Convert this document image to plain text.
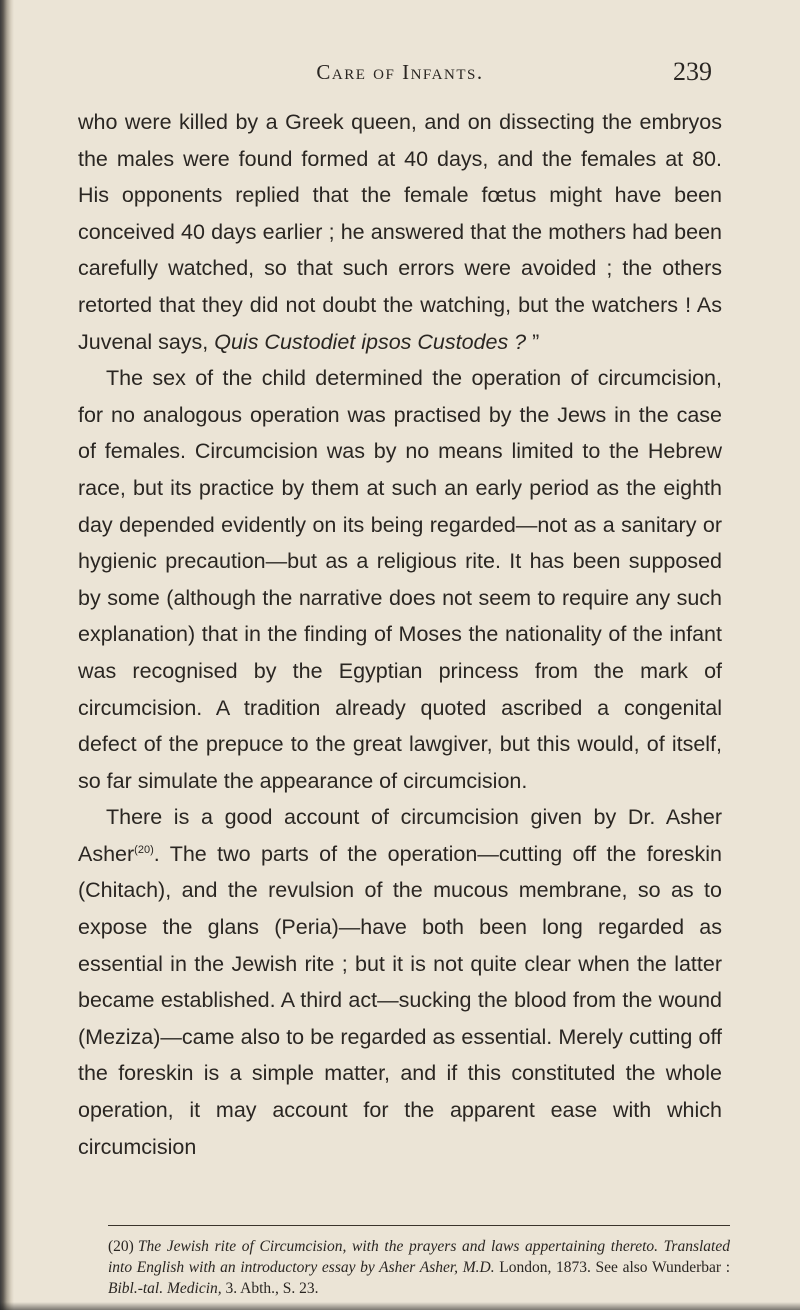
Care of Infants.	239

who were killed by a Greek queen, and on dissecting the embryos the males were found formed at 40 days, and the females at 80. His opponents replied that the female fœtus might have been conceived 40 days earlier ; he answered that the mothers had been carefully watched, so that such errors were avoided ; the others retorted that they did not doubt the watching, but the watchers ! As Juvenal says, Quis Custodiet ipsos Custodes ? ”

The sex of the child determined the operation of circumcision, for no analogous operation was practised by the Jews in the case of females. Circumcision was by no means limited to the Hebrew race, but its practice by them at such an early period as the eighth day depended evidently on its being regarded—not as a sanitary or hygienic precaution—but as a religious rite. It has been supposed by some (although the narrative does not seem to require any such explanation) that in the finding of Moses the nationality of the infant was recognised by the Egyptian princess from the mark of circumcision. A tradition already quoted ascribed a congenital defect of the prepuce to the great lawgiver, but this would, of itself, so far simulate the appearance of circumcision.

There is a good account of circumcision given by Dr. Asher Asher$^{(20)}$. The two parts of the operation—cutting off the foreskin (Chitach), and the revulsion of the mucous membrane, so as to expose the glans (Peria)—have both been long regarded as essential in the Jewish rite ; but it is not quite clear when the latter became established. A third act—sucking the blood from the wound (Meziza)—came also to be regarded as essential. Merely cutting off the foreskin is a simple matter, and if this constituted the whole operation, it may account for the apparent ease with which circumcision

(20) The Jewish rite of Circumcision, with the prayers and laws appertaining thereto. Translated into English with an introductory essay by Asher Asher, M.D. London, 1873. See also Wunderbar : Bibl.-tal. Medicin, 3. Abth., S. 23.
